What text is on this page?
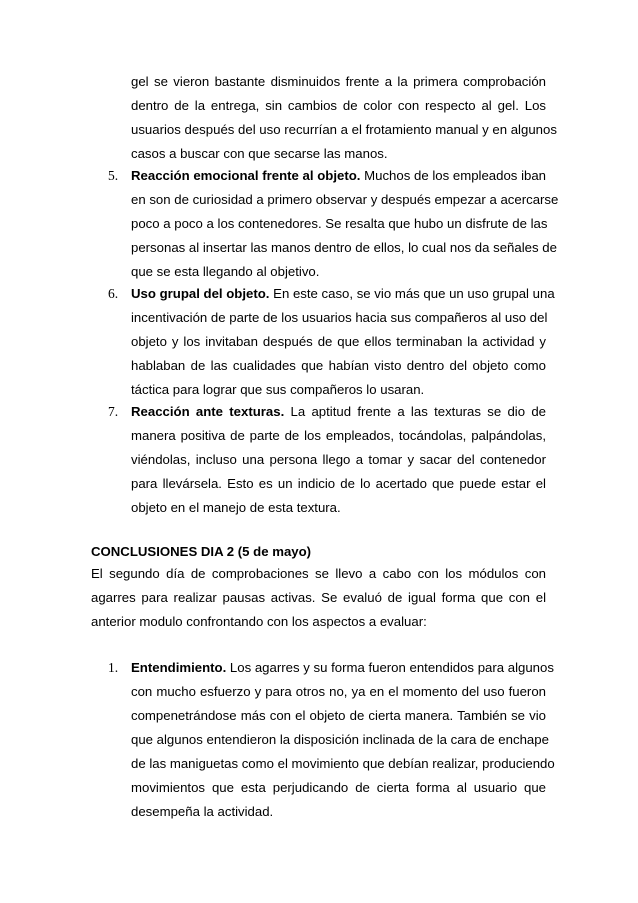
gel se vieron bastante disminuidos frente a la primera comprobación
dentro de la entrega, sin cambios de color con respecto al gel. Los
usuarios después del uso recurrían a el frotamiento manual y en algunos
casos a buscar con que secarse las manos.
5. Reacción emocional frente al objeto. Muchos de los empleados iban
en son de curiosidad a primero observar y después empezar a acercarse
poco a poco a los contenedores. Se resalta que hubo un disfrute de las
personas al insertar las manos dentro de ellos, lo cual nos da señales de
que se esta llegando al objetivo.
6. Uso grupal del objeto. En este caso, se vio más que un uso grupal una
incentivación de parte de los usuarios hacia sus compañeros al uso del
objeto y los invitaban después de que ellos terminaban la actividad y
hablaban de las cualidades que habían visto dentro del objeto como
táctica para lograr que sus compañeros lo usaran.
7. Reacción ante texturas. La aptitud frente a las texturas se dio de
manera positiva de parte de los empleados, tocándolas, palpándolas,
viéndolas, incluso una persona llego a tomar y sacar del contenedor
para llevársela. Esto es un indicio de lo acertado que puede estar el
objeto en el manejo de esta textura.
CONCLUSIONES DIA 2 (5 de mayo)
El segundo día de comprobaciones se llevo a cabo con los módulos con
agarres para realizar pausas activas. Se evaluó de igual forma que con el
anterior modulo confrontando con los aspectos a evaluar:
1. Entendimiento. Los agarres y su forma fueron entendidos para algunos
con mucho esfuerzo y para otros no, ya en el momento del uso fueron
compenetrándose más con el objeto de cierta manera. También se vio
que algunos entendieron la disposición inclinada de la cara de enchape
de las maniguetas como el movimiento que debían realizar, produciendo
movimientos que esta perjudicando de cierta forma al usuario que
desempeña la actividad.
